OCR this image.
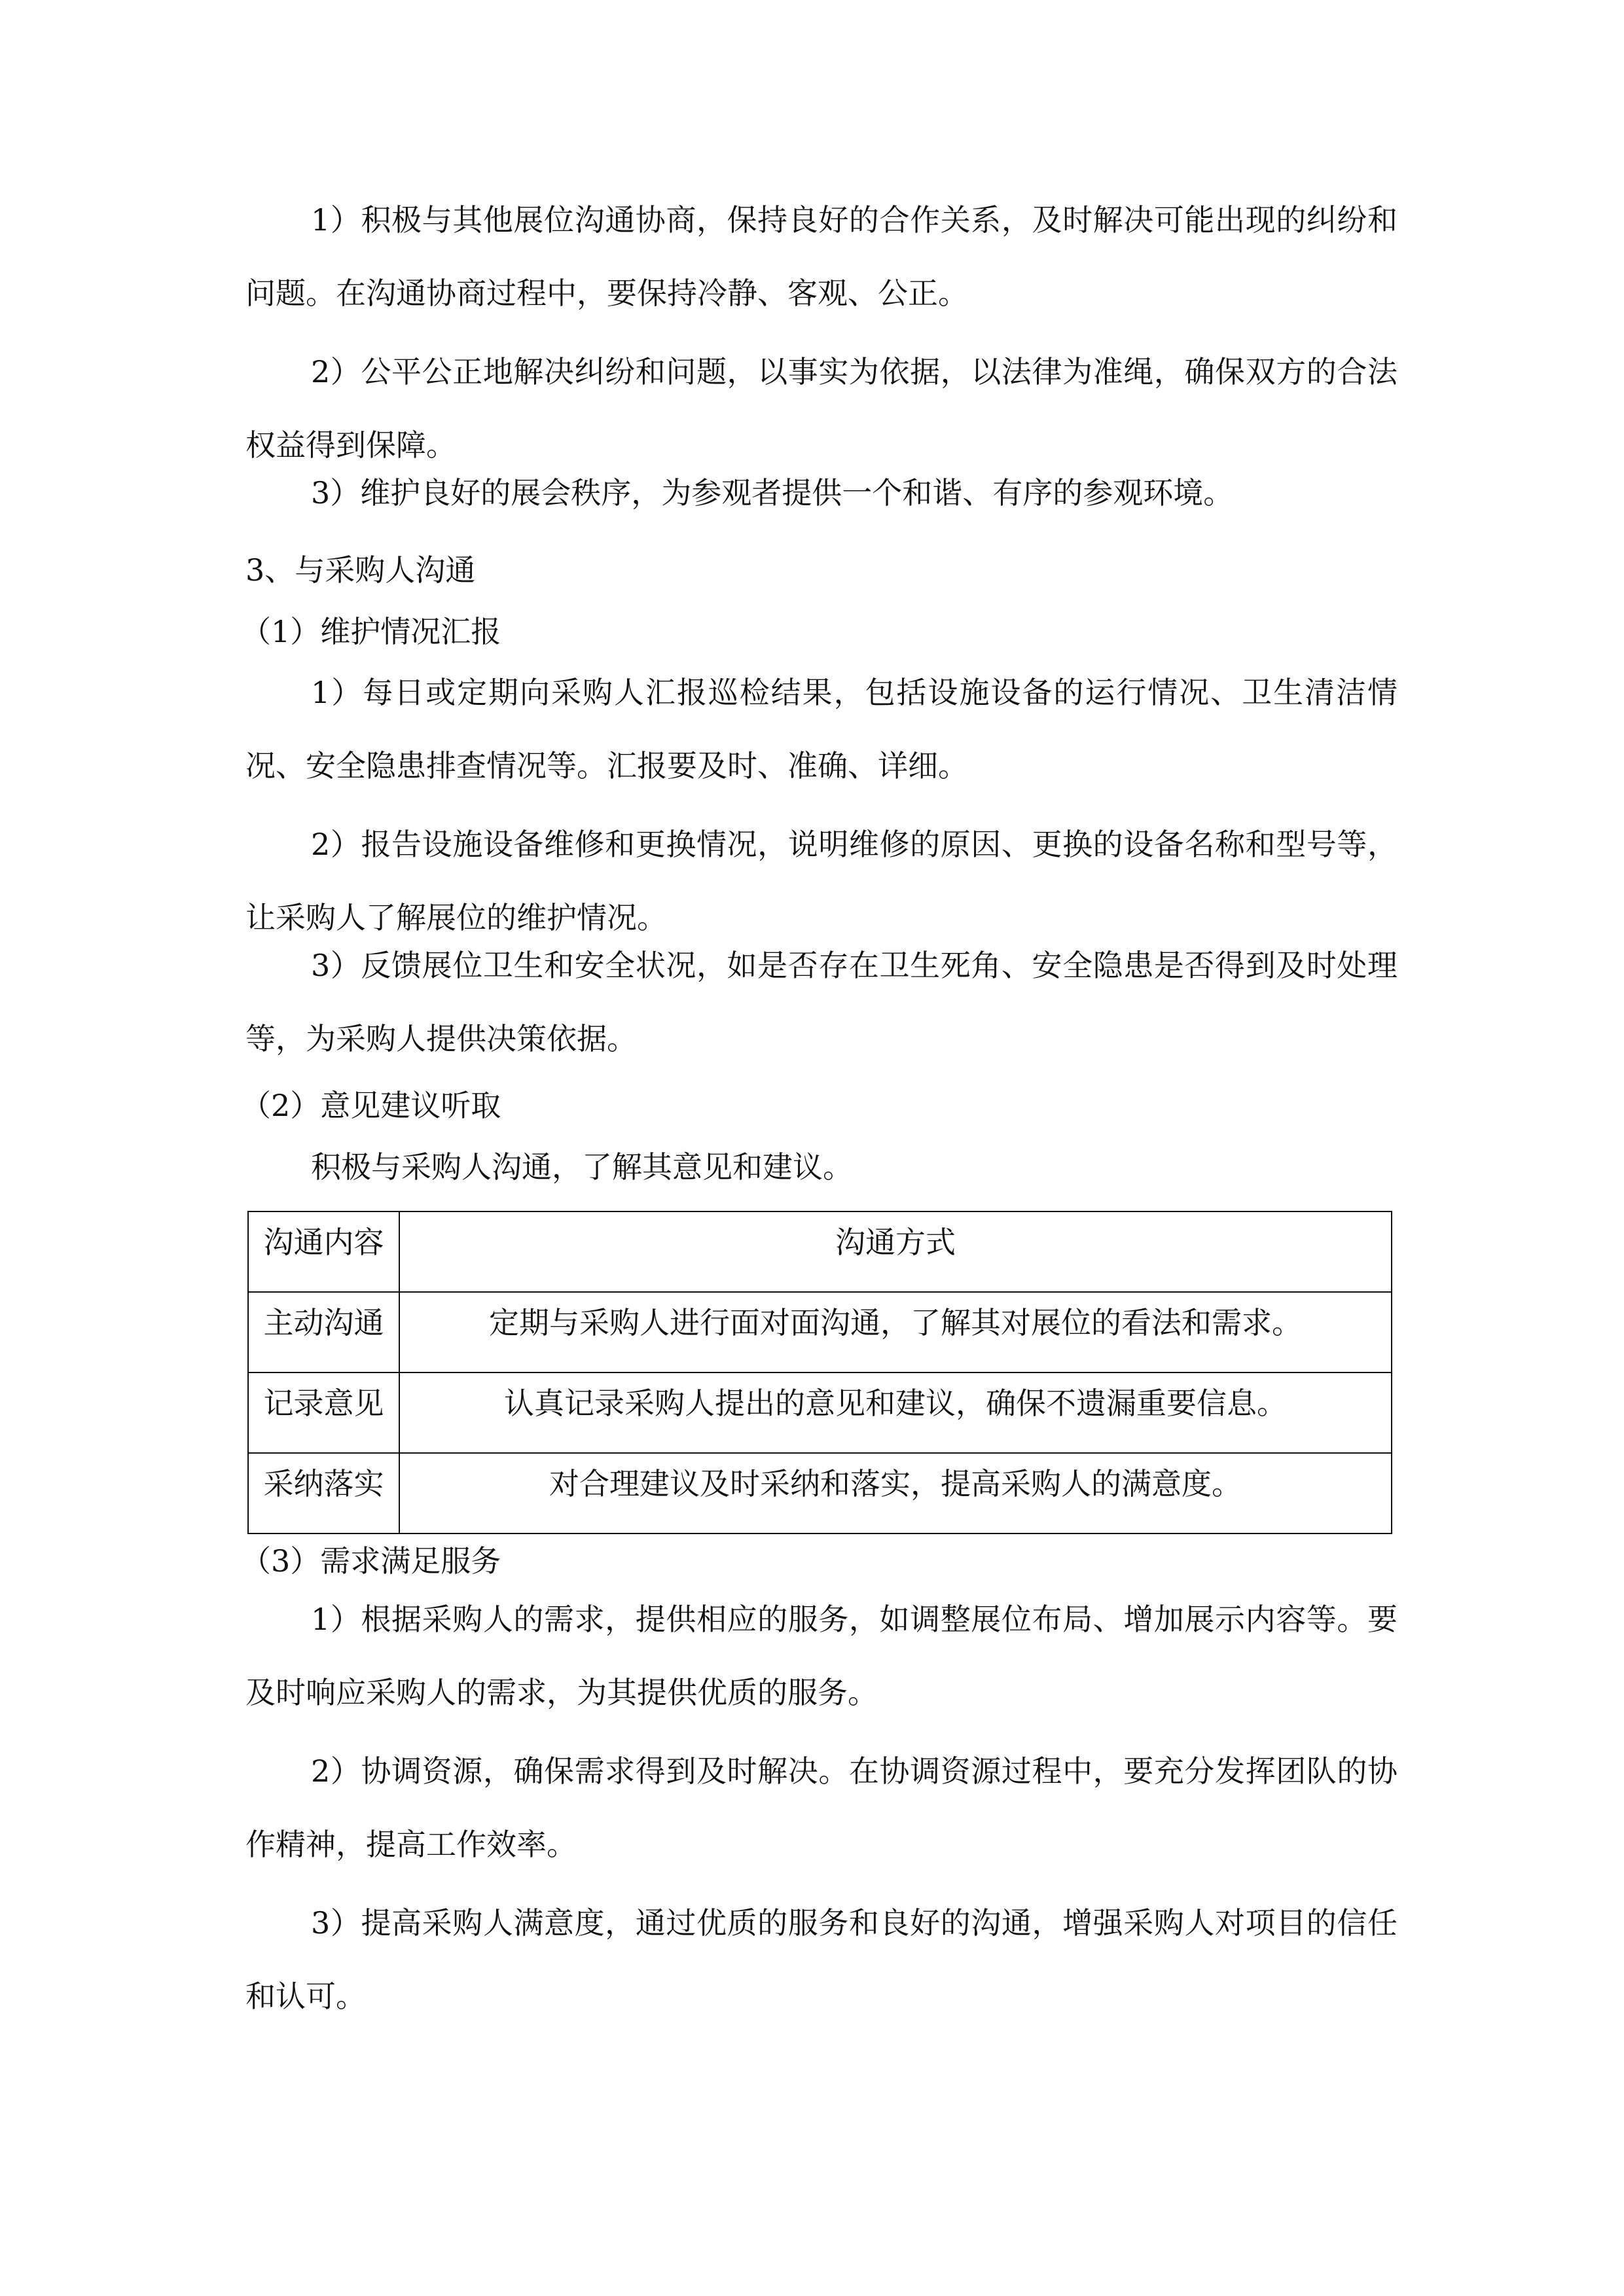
1）积极与其他展位沟通协商，保持良好的合作关系，及时解决可能出现的纠纷和问题。在沟通协商过程中，要保持冷静、客观、公正。
2）公平公正地解决纠纷和问题，以事实为依据，以法律为准绳，确保双方的合法权益得到保障。
3）维护良好的展会秩序，为参观者提供一个和谐、有序的参观环境。
3、与采购人沟通
（1）维护情况汇报
1）每日或定期向采购人汇报巡检结果，包括设施设备的运行情况、卫生清洁情况、安全隐患排查情况等。汇报要及时、准确、详细。
2）报告设施设备维修和更换情况，说明维修的原因、更换的设备名称和型号等，让采购人了解展位的维护情况。
3）反馈展位卫生和安全状况，如是否存在卫生死角、安全隐患是否得到及时处理等，为采购人提供决策依据。
（2）意见建议听取
积极与采购人沟通，了解其意见和建议。
沟通内容	沟通方式
主动沟通	定期与采购人进行面对面沟通，了解其对展位的看法和需求。
记录意见	认真记录采购人提出的意见和建议，确保不遗漏重要信息。
采纳落实	对合理建议及时采纳和落实，提高采购人的满意度。
（3）需求满足服务
1）根据采购人的需求，提供相应的服务，如调整展位布局、增加展示内容等。要及时响应采购人的需求，为其提供优质的服务。
2）协调资源，确保需求得到及时解决。在协调资源过程中，要充分发挥团队的协作精神，提高工作效率。
3）提高采购人满意度，通过优质的服务和良好的沟通，增强采购人对项目的信任和认可。
